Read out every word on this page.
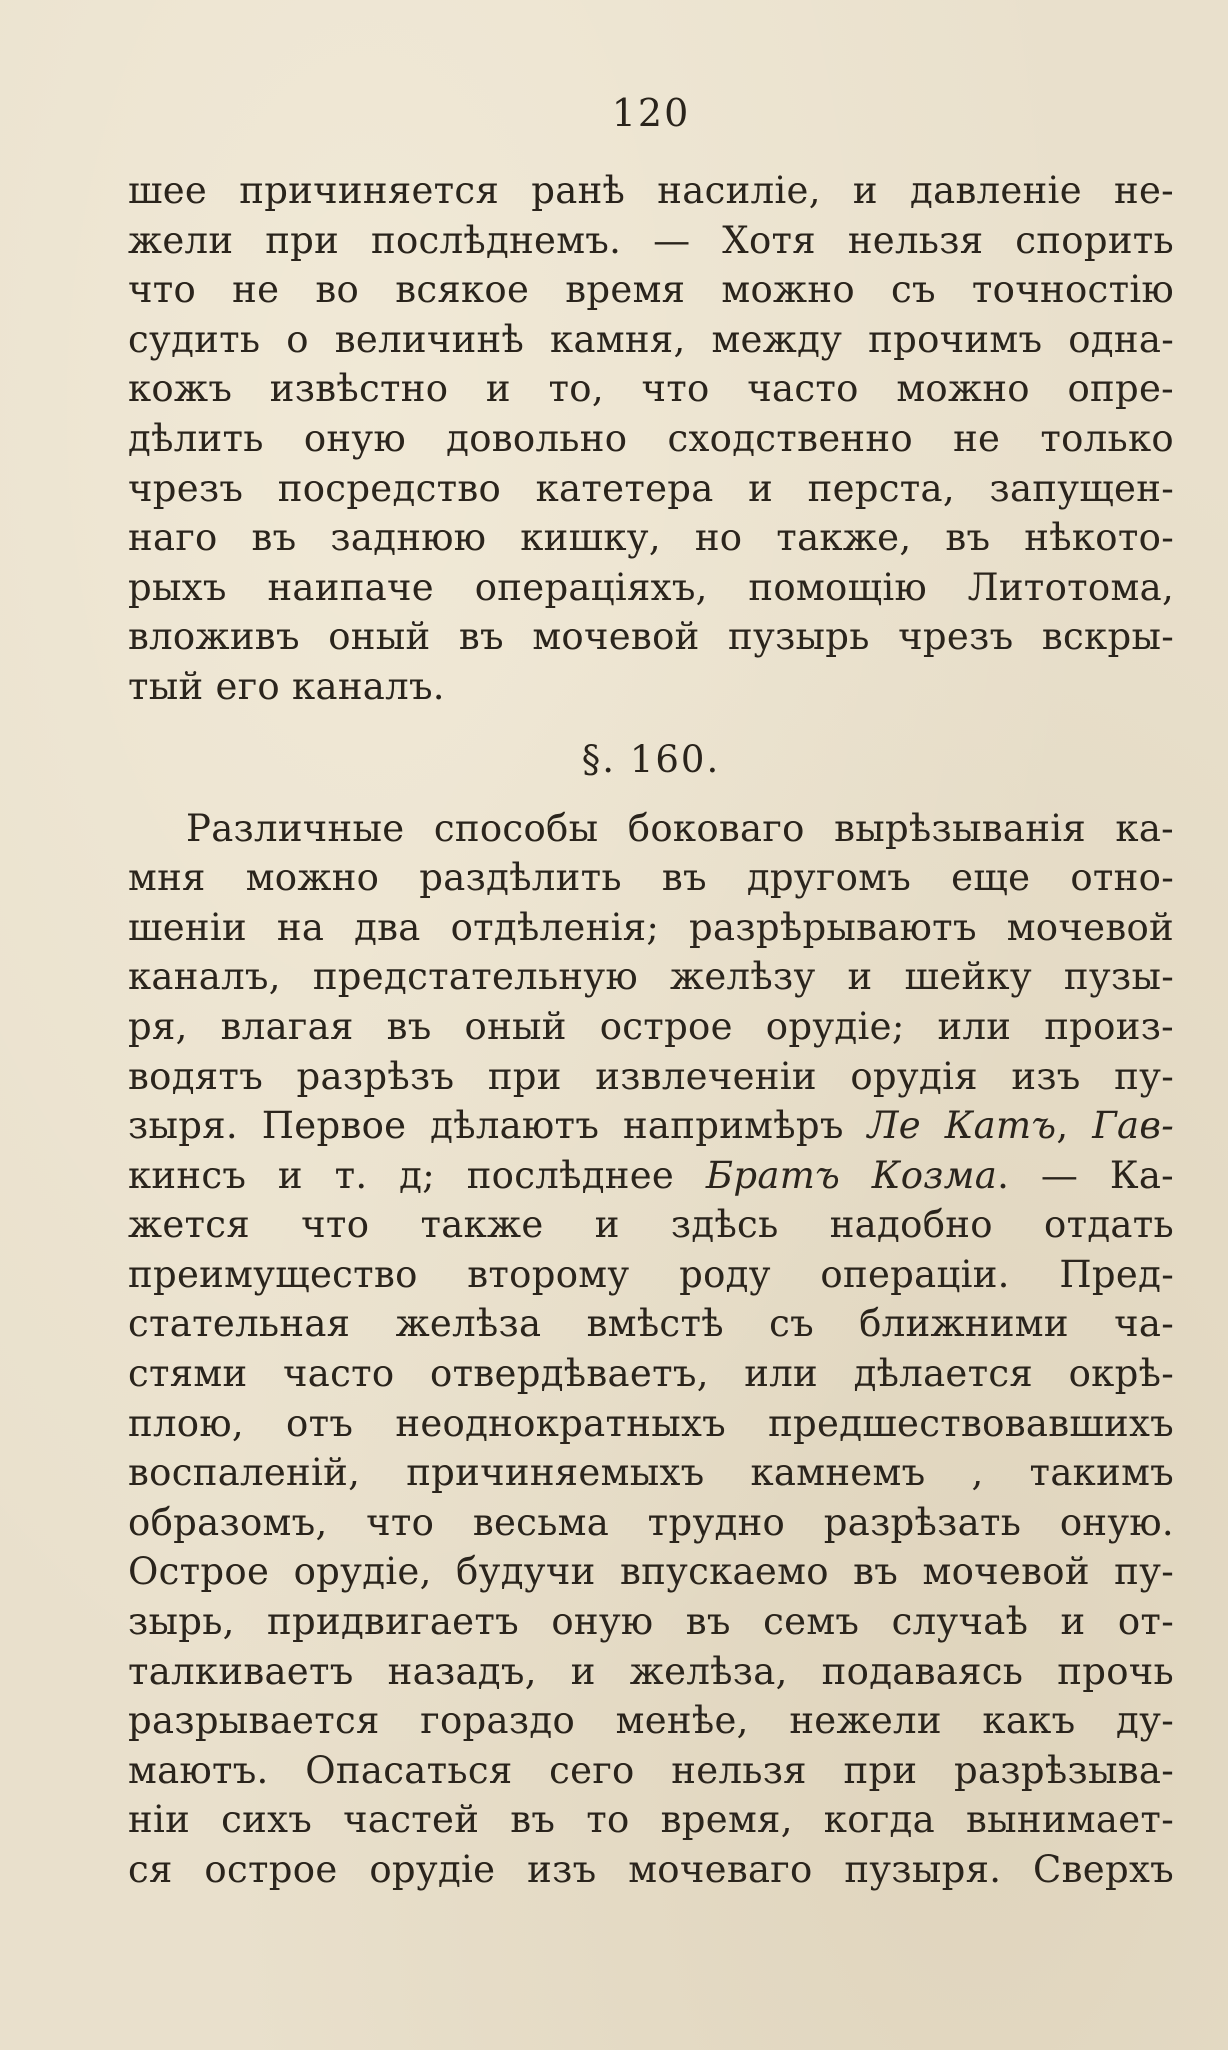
120
шее причиняется ранѣ насиліе, и давленіе не-
жели при послѣднемъ. — Хотя нельзя спорить
что не во всякое время можно съ точностію
судить о величинѣ камня, между прочимъ одна-
кожъ извѣстно и то, что часто можно опре-
дѣлить оную довольно сходственно не только
чрезъ посредство катетера и перста, запущен-
наго въ заднюю кишку, но также, въ нѣкото-
рыхъ наипаче операціяхъ, помощію Литотома,
вложивъ оный въ мочевой пузырь чрезъ вскры-
тый его каналъ.
§. 160.
Различные способы боковаго вырѣзыванія ка-
мня можно раздѣлить въ другомъ еще отно-
шеніи на два отдѣленія; разрѣрываютъ мочевой
каналъ, предстательную желѣзу и шейку пузы-
ря, влагая въ оный острое орудіе; или произ-
водятъ разрѣзъ при извлеченіи орудія изъ пу-
зыря. Первое дѣлаютъ напримѣръ Ле Катъ, Гав-
кинсъ и т. д; послѣднее Братъ Козма. — Ка-
жется что также и здѣсь надобно отдать
преимущество второму роду операціи. Пред-
стательная желѣза вмѣстѣ съ ближними ча-
стями часто отвердѣваетъ, или дѣлается окрѣ-
плою, отъ неоднократныхъ предшествовавшихъ
воспаленій, причиняемыхъ камнемъ , такимъ
образомъ, что весьма трудно разрѣзать оную.
Острое орудіе, будучи впускаемо въ мочевой пу-
зырь, придвигаетъ оную въ семъ случаѣ и от-
талкиваетъ назадъ, и желѣза, подаваясь прочь
разрывается гораздо менѣе, нежели какъ ду-
маютъ. Опасаться сего нельзя при разрѣзыва-
ніи сихъ частей въ то время, когда вынимает-
ся острое орудіе изъ мочеваго пузыря. Сверхъ
